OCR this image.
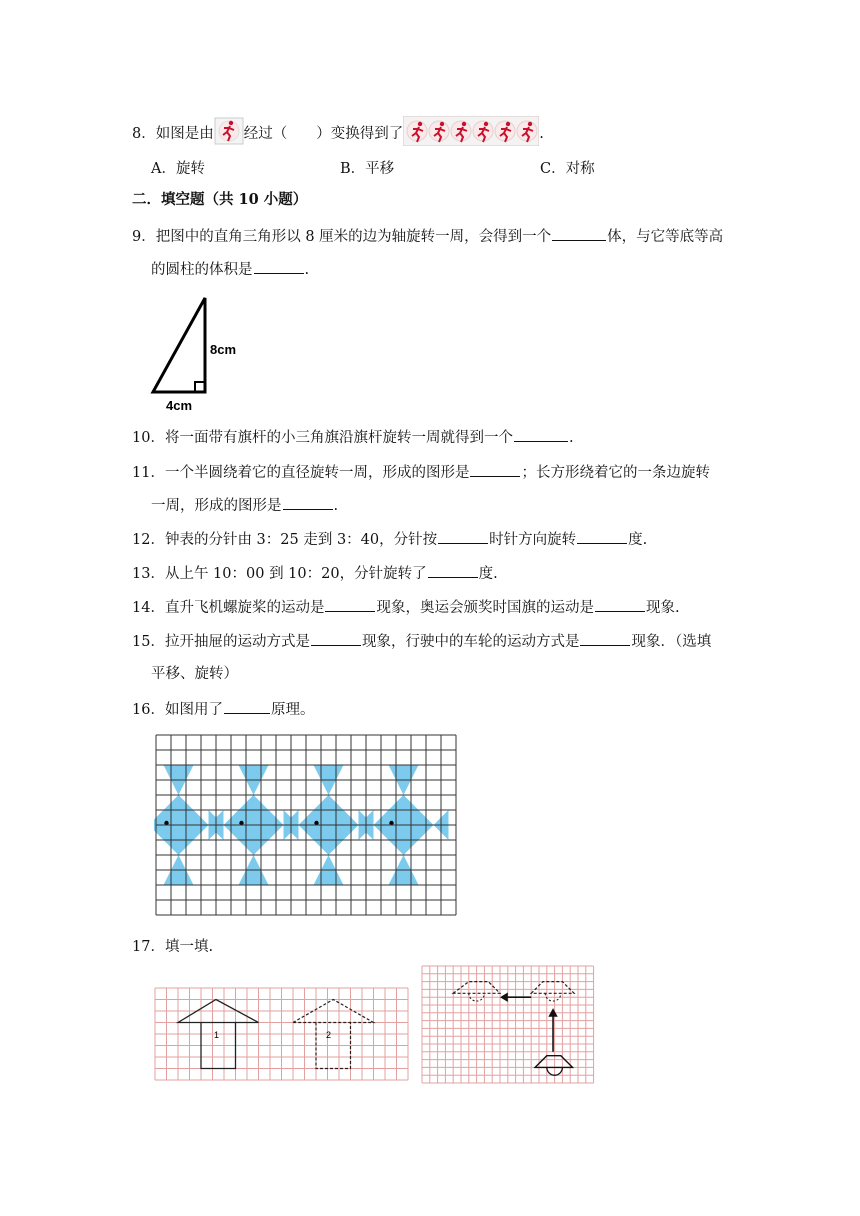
8．如图是由 经过（　　）变换得到了	.
A．旋转	B．平移	C．对称
二．填空题（共 10 小题）
9．把图中的直角三角形以 8 厘米的边为轴旋转一周，会得到一个	体，与它等底等高
的圆柱的体积是	.
8cm
4cm
10．将一面带有旗杆的小三角旗沿旗杆旋转一周就得到一个	.
11．一个半圆绕着它的直径旋转一周，形成的图形是	；长方形绕着它的一条边旋转
一周，形成的图形是	.
12．钟表的分针由 3：25 走到 3：40，分针按	时针方向旋转	度.
13．从上午 10：00 到 10：20，分针旋转了	度.
14．直升飞机螺旋桨的运动是	现象，奥运会颁奖时国旗的运动是	现象.
15．拉开抽屉的运动方式是	现象，行驶中的车轮的运动方式是	现象．（选填
平移、旋转）
16．如图用了	原理。
17．填一填.
1	2
